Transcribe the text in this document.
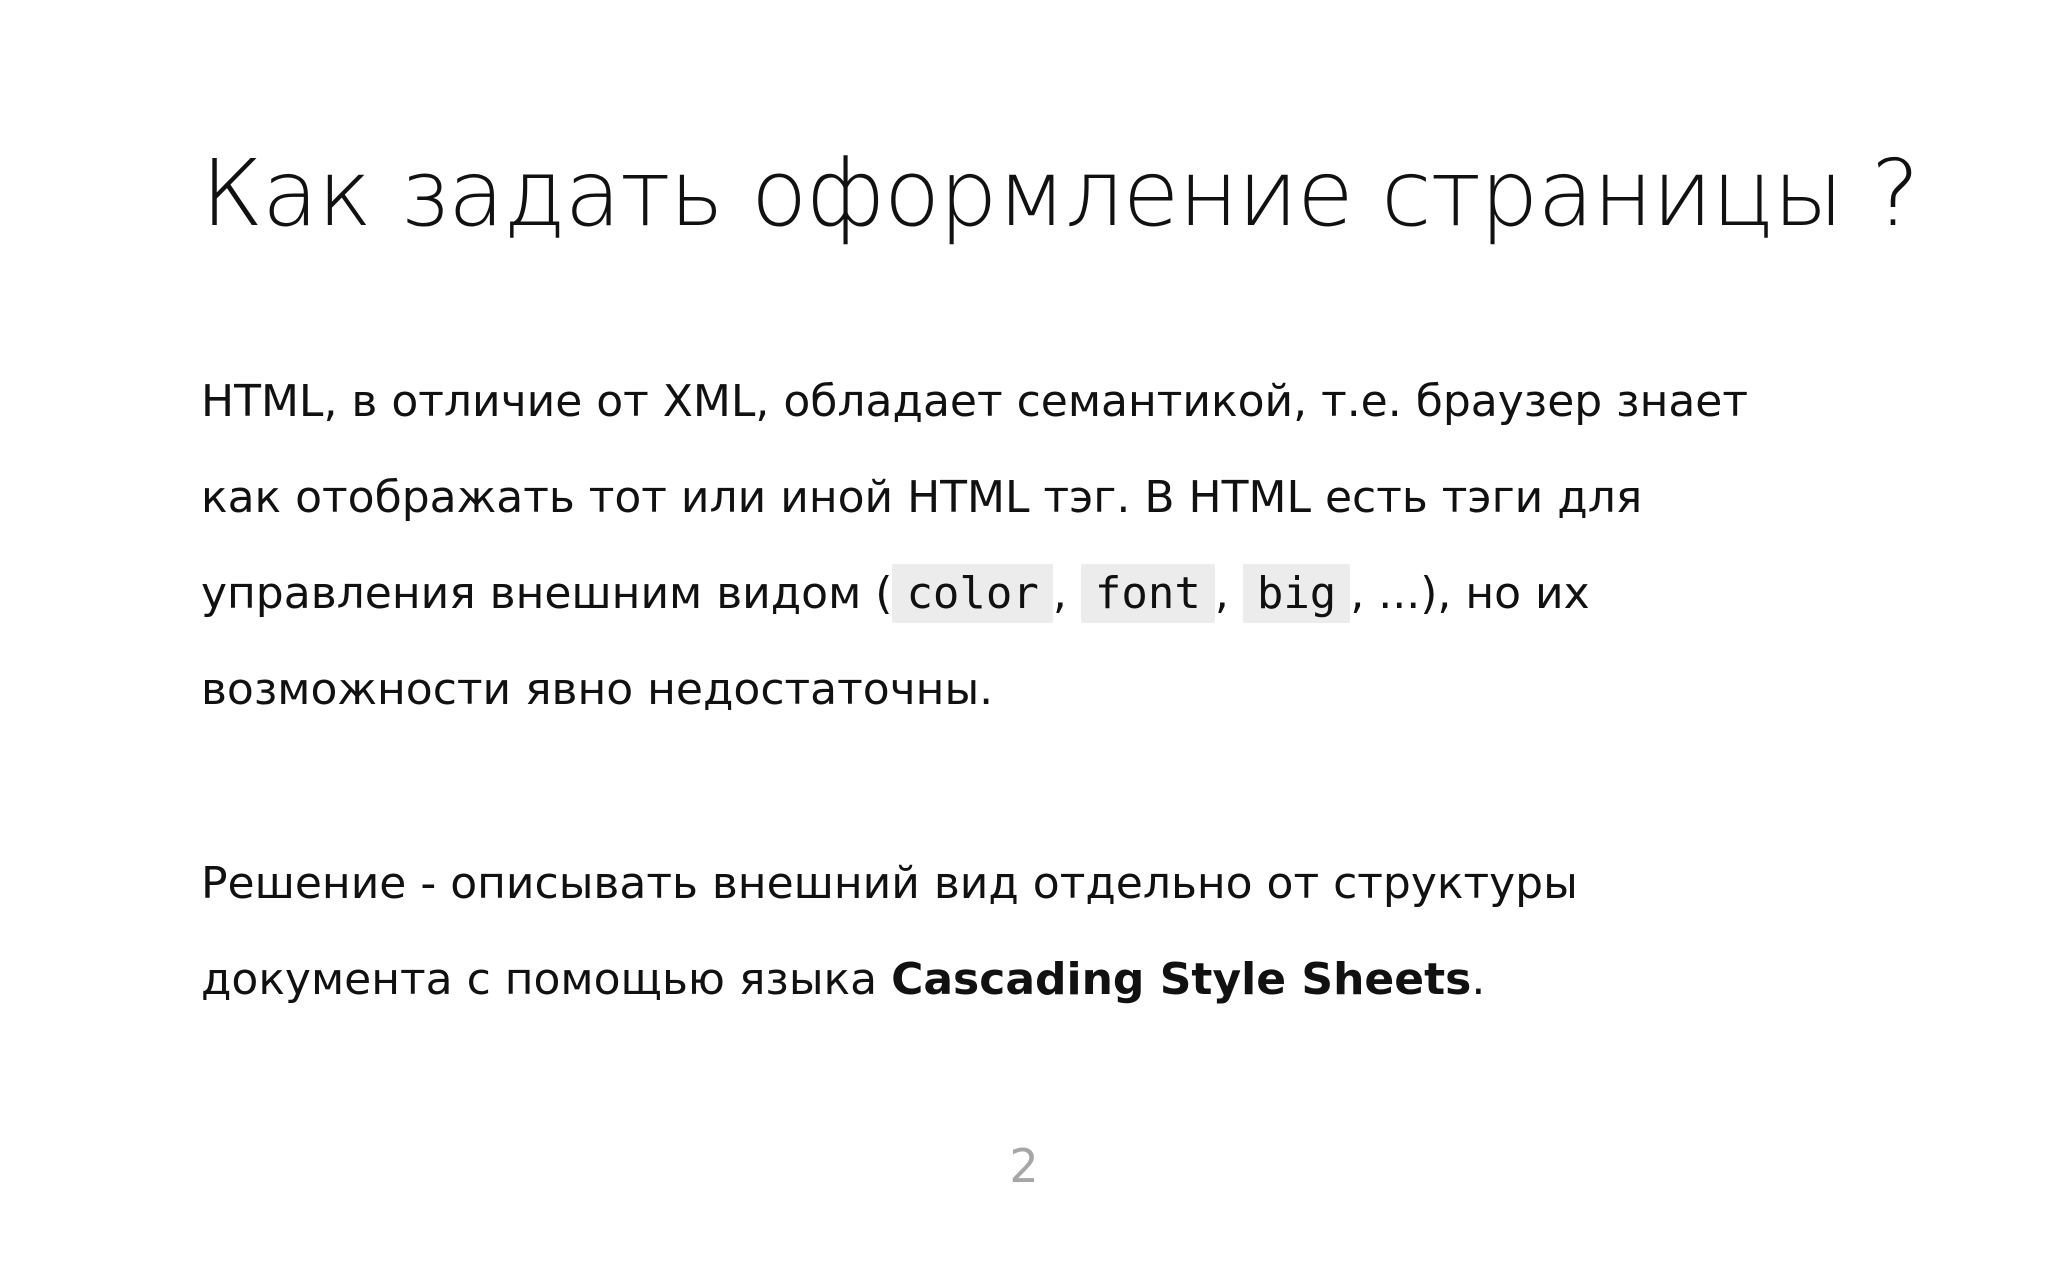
Как задать оформление страницы ?

HTML, в отличие от XML, обладает семантикой, т.е. браузер знает
как отображать тот или иной HTML тэг. В HTML есть тэги для
управления внешним видом ( color , font , big , ...), но их
возможности явно недостаточны.

Решение - описывать внешний вид отдельно от структуры
документа с помощью языка Cascading Style Sheets.

2
